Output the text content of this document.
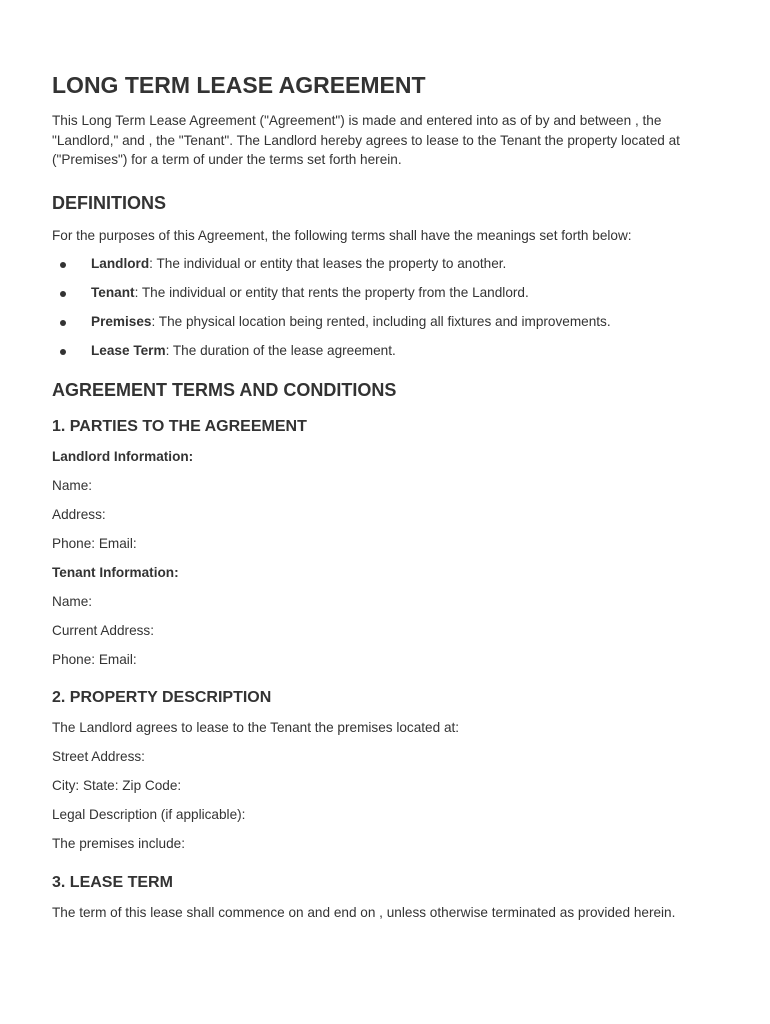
LONG TERM LEASE AGREEMENT

This Long Term Lease Agreement ("Agreement") is made and entered into as of by and between , the "Landlord," and , the "Tenant". The Landlord hereby agrees to lease to the Tenant the property located at ("Premises") for a term of under the terms set forth herein.

DEFINITIONS

For the purposes of this Agreement, the following terms shall have the meanings set forth below:

Landlord: The individual or entity that leases the property to another.
Tenant: The individual or entity that rents the property from the Landlord.
Premises: The physical location being rented, including all fixtures and improvements.
Lease Term: The duration of the lease agreement.
AGREEMENT TERMS AND CONDITIONS
1. PARTIES TO THE AGREEMENT

Landlord Information:

Name:

Address:

Phone: Email:

Tenant Information:

Name:

Current Address:

Phone: Email:

2. PROPERTY DESCRIPTION

The Landlord agrees to lease to the Tenant the premises located at:

Street Address:

City: State: Zip Code:

Legal Description (if applicable):

The premises include:

3. LEASE TERM

The term of this lease shall commence on and end on , unless otherwise terminated as provided herein.
